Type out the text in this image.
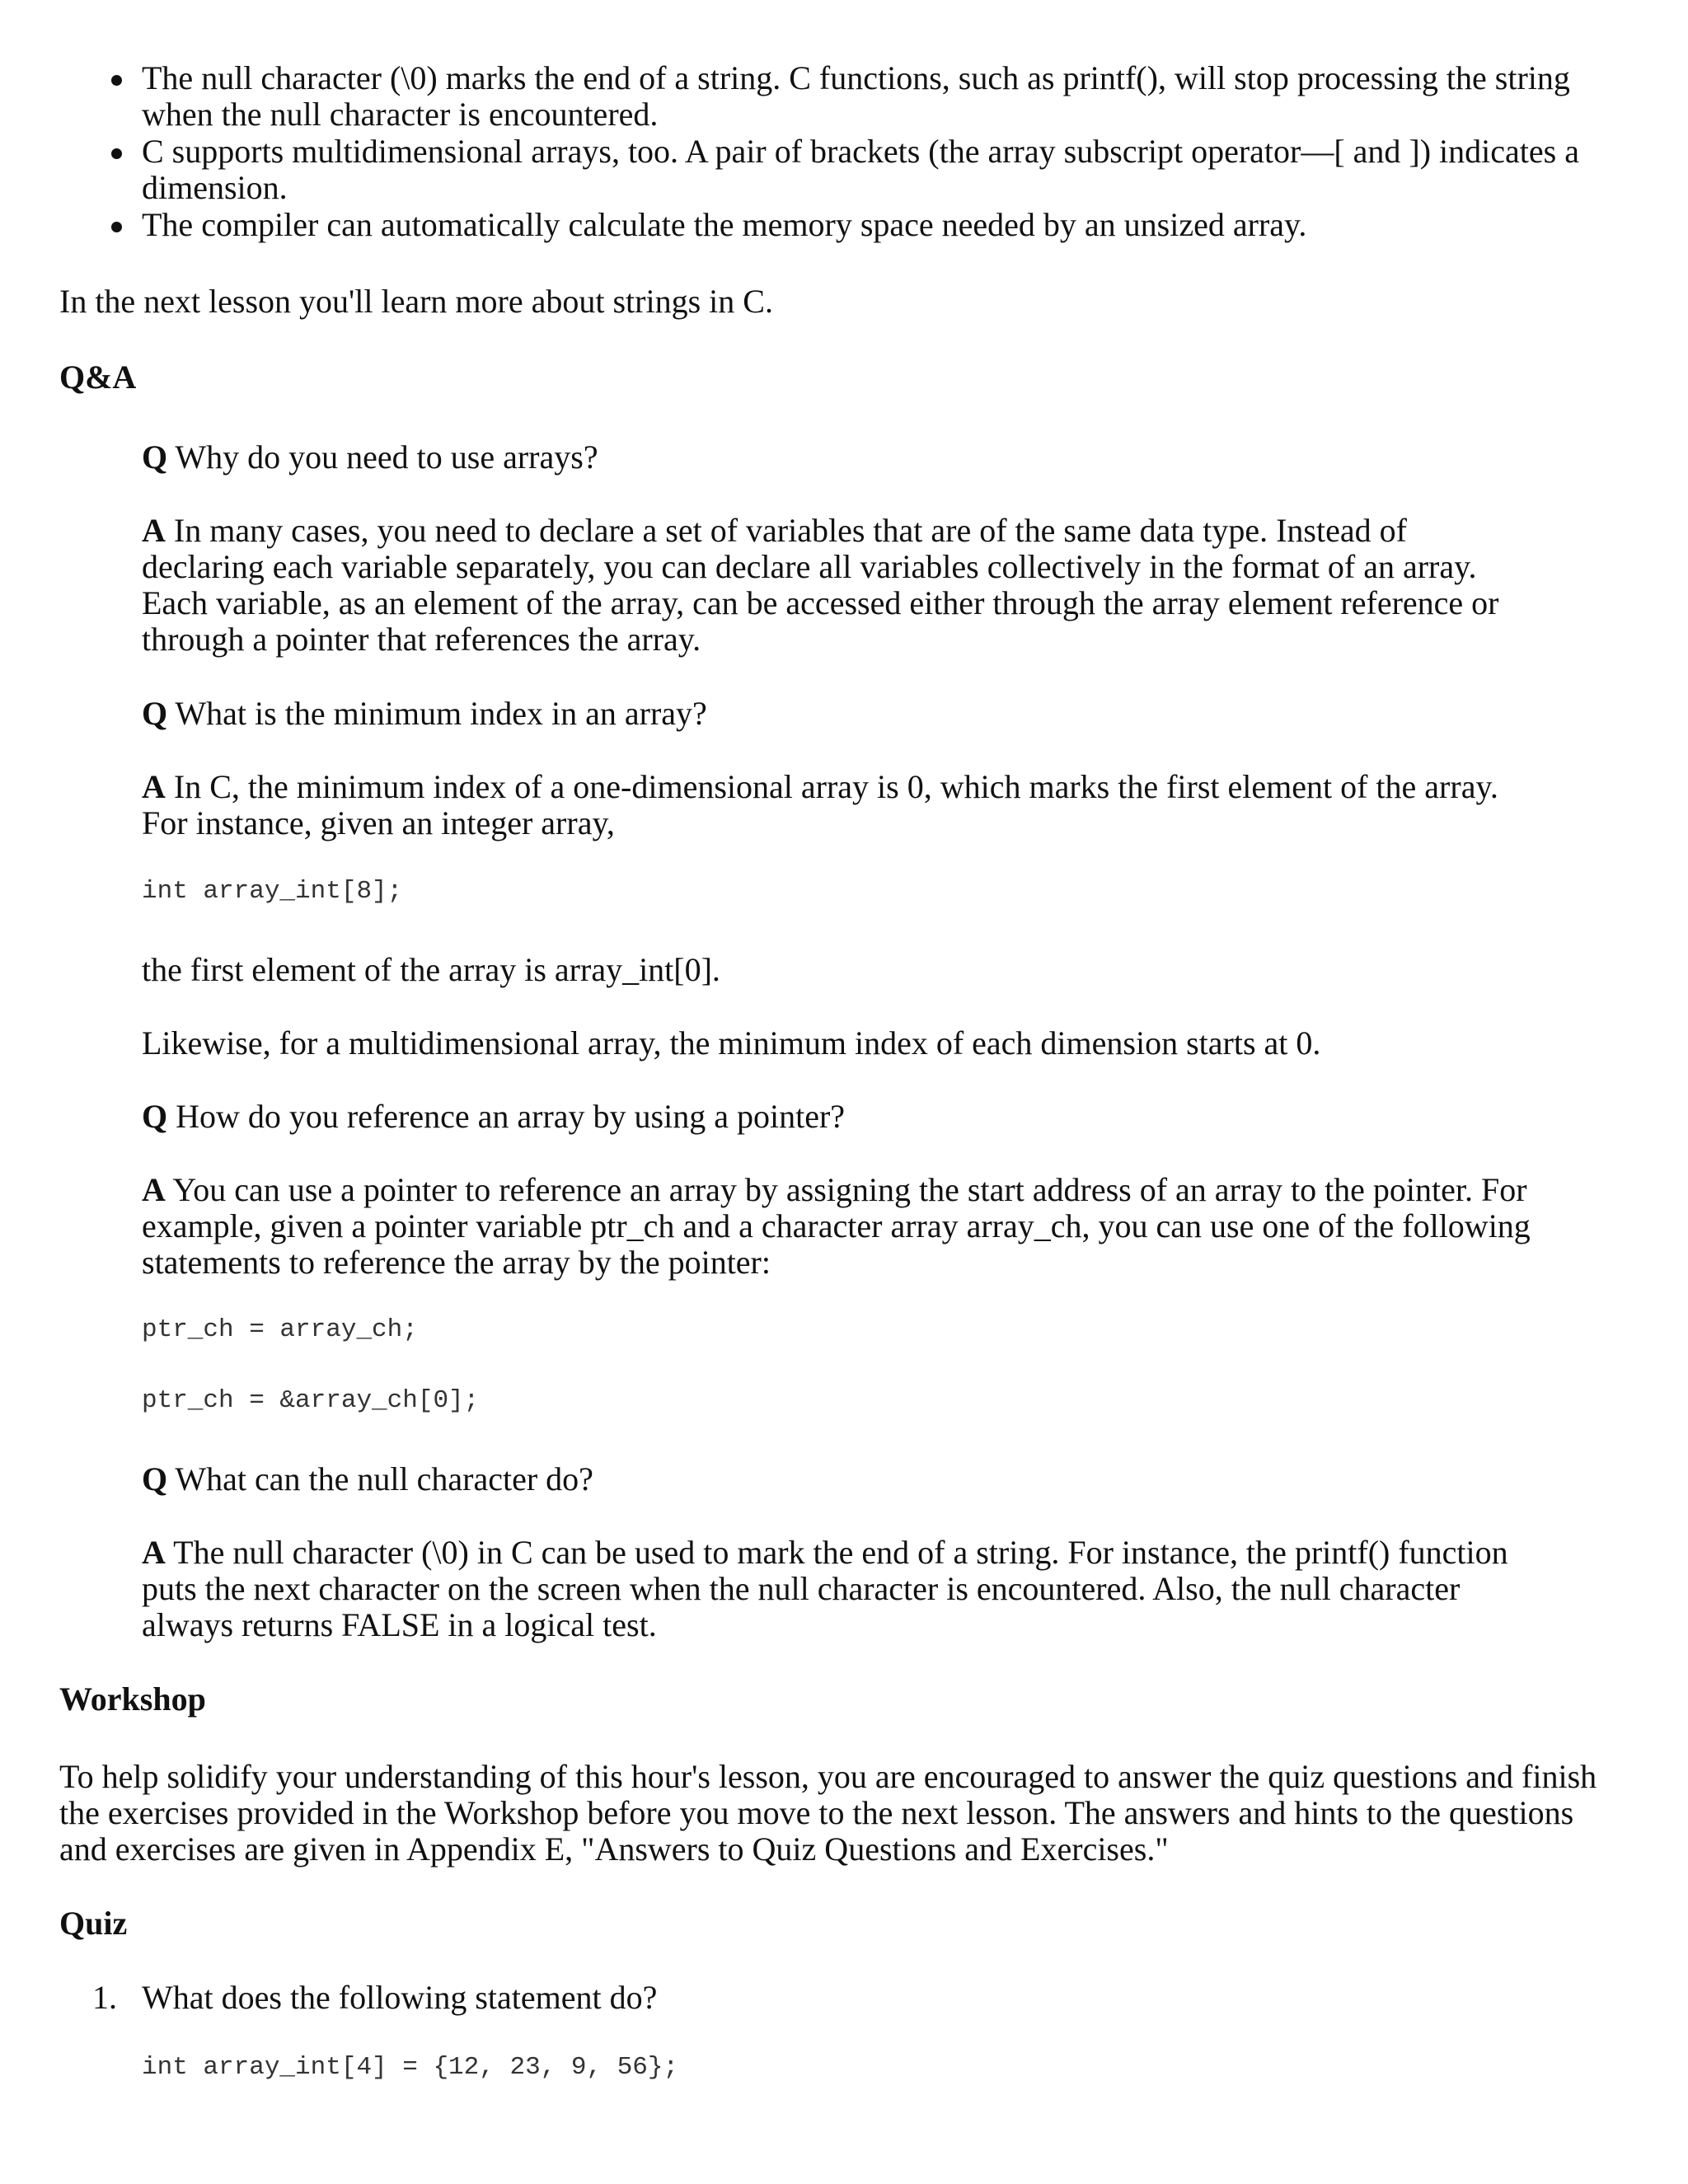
The null character (\0) marks the end of a string. C functions, such as printf(), will stop processing the string

when the null character is encountered.

C supports multidimensional arrays, too. A pair of brackets (the array subscript operator—[ and ]) indicates a

dimension.

The compiler can automatically calculate the memory space needed by an unsized array.

In the next lesson you'll learn more about strings in C.

Q&A

Q Why do you need to use arrays?

A In many cases, you need to declare a set of variables that are of the same data type. Instead of

declaring each variable separately, you can declare all variables collectively in the format of an array.

Each variable, as an element of the array, can be accessed either through the array element reference or

through a pointer that references the array.

Q What is the minimum index in an array?

A In C, the minimum index of a one-dimensional array is 0, which marks the first element of the array.

For instance, given an integer array,

int array_int[8];

the first element of the array is array_int[0].

Likewise, for a multidimensional array, the minimum index of each dimension starts at 0.

Q How do you reference an array by using a pointer?

A You can use a pointer to reference an array by assigning the start address of an array to the pointer. For

example, given a pointer variable ptr_ch and a character array array_ch, you can use one of the following

statements to reference the array by the pointer:

ptr_ch = array_ch;
ptr_ch = &array_ch[0];

Q What can the null character do?

A The null character (\0) in C can be used to mark the end of a string. For instance, the printf() function

puts the next character on the screen when the null character is encountered. Also, the null character

always returns FALSE in a logical test.

Workshop

To help solidify your understanding of this hour's lesson, you are encouraged to answer the quiz questions and finish

the exercises provided in the Workshop before you move to the next lesson. The answers and hints to the questions

and exercises are given in Appendix E, "Answers to Quiz Questions and Exercises."

Quiz

1. What does the following statement do?

int array_int[4] = {12, 23, 9, 56};
